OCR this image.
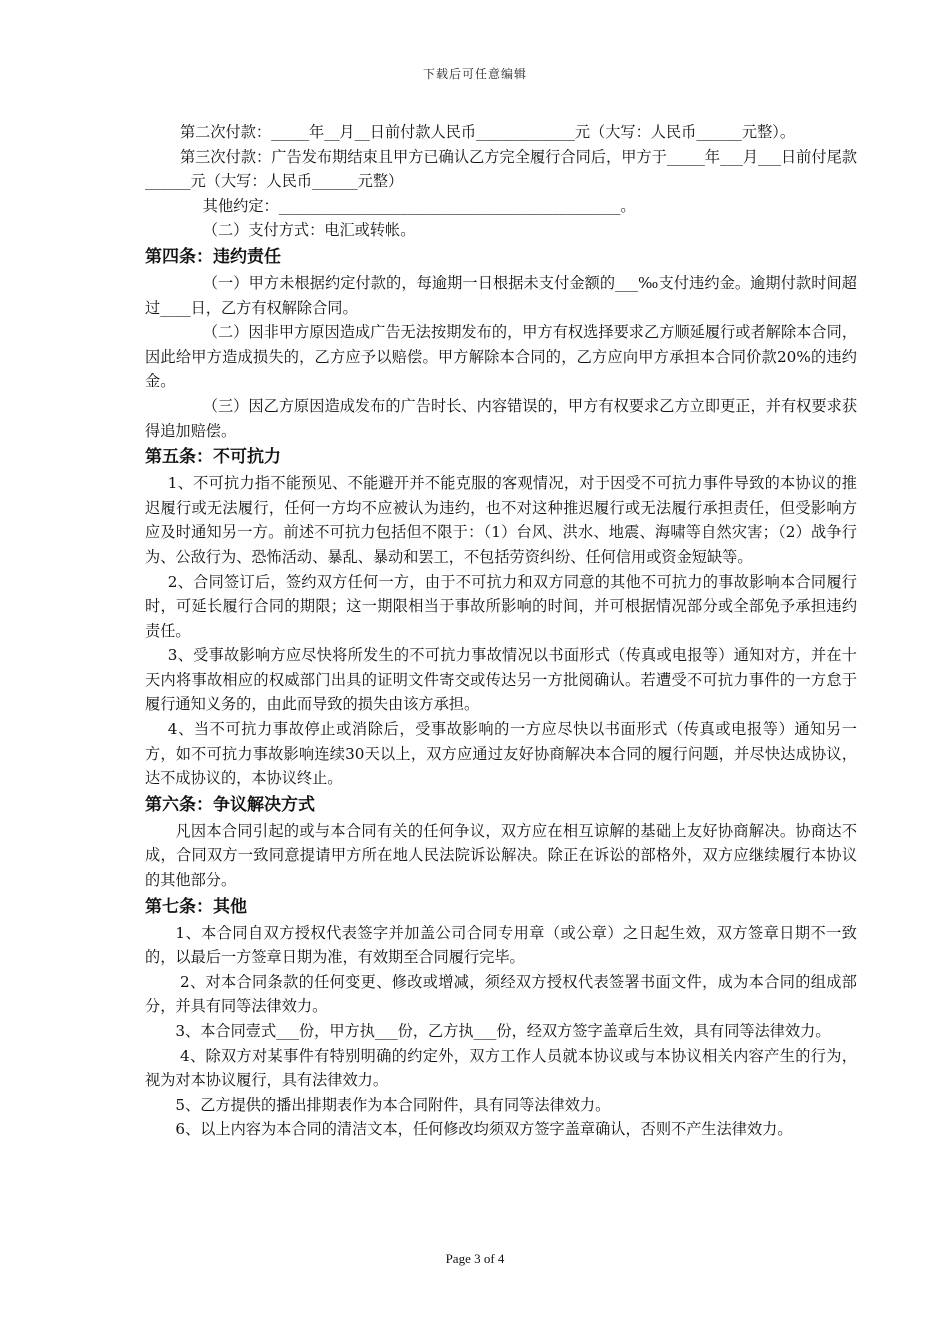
下载后可任意编辑

第二次付款：_____年__月__日前付款人民币_____________元（大写：人民币______元整）。

第三次付款：广告发布期结束且甲方已确认乙方完全履行合同后，甲方于_____年___月___日前付尾款______元（大写：人民币______元整）

其他约定：_____________________________________________。

（二）支付方式：电汇或转帐。

第四条：违约责任

（一）甲方未根据约定付款的，每逾期一日根据未支付金额的___‰支付违约金。逾期付款时间超过____日，乙方有权解除合同。

（二）因非甲方原因造成广告无法按期发布的，甲方有权选择要求乙方顺延履行或者解除本合同，因此给甲方造成损失的，乙方应予以赔偿。甲方解除本合同的，乙方应向甲方承担本合同价款20%的违约金。

（三）因乙方原因造成发布的广告时长、内容错误的，甲方有权要求乙方立即更正，并有权要求获得追加赔偿。

第五条：不可抗力

1、不可抗力指不能预见、不能避开并不能克服的客观情况，对于因受不可抗力事件导致的本协议的推迟履行或无法履行，任何一方均不应被认为违约，也不对这种推迟履行或无法履行承担责任，但受影响方应及时通知另一方。前述不可抗力包括但不限于：（1）台风、洪水、地震、海啸等自然灾害；（2）战争行为、公敌行为、恐怖活动、暴乱、暴动和罢工，不包括劳资纠纷、任何信用或资金短缺等。

2、合同签订后，签约双方任何一方，由于不可抗力和双方同意的其他不可抗力的事故影响本合同履行时，可延长履行合同的期限；这一期限相当于事故所影响的时间，并可根据情况部分或全部免予承担违约责任。

3、受事故影响方应尽快将所发生的不可抗力事故情况以书面形式（传真或电报等）通知对方，并在十天内将事故相应的权威部门出具的证明文件寄交或传达另一方批阅确认。若遭受不可抗力事件的一方怠于履行通知义务的，由此而导致的损失由该方承担。

4、当不可抗力事故停止或消除后，受事故影响的一方应尽快以书面形式（传真或电报等）通知另一方，如不可抗力事故影响连续30天以上，双方应通过友好协商解决本合同的履行问题，并尽快达成协议，达不成协议的，本协议终止。

第六条：争议解决方式

凡因本合同引起的或与本合同有关的任何争议，双方应在相互谅解的基础上友好协商解决。协商达不成，合同双方一致同意提请甲方所在地人民法院诉讼解决。除正在诉讼的部格外，双方应继续履行本协议的其他部分。

第七条：其他

1、本合同自双方授权代表签字并加盖公司合同专用章（或公章）之日起生效，双方签章日期不一致的，以最后一方签章日期为准，有效期至合同履行完毕。

2、对本合同条款的任何变更、修改或增减，须经双方授权代表签署书面文件，成为本合同的组成部分，并具有同等法律效力。

3、本合同壹式___份，甲方执___份，乙方执___份，经双方签字盖章后生效，具有同等法律效力。

4、除双方对某事件有特别明确的约定外，双方工作人员就本协议或与本协议相关内容产生的行为，视为对本协议履行，具有法律效力。

5、乙方提供的播出排期表作为本合同附件，具有同等法律效力。

6、以上内容为本合同的清洁文本，任何修改均须双方签字盖章确认，否则不产生法律效力。

Page 3 of 4
